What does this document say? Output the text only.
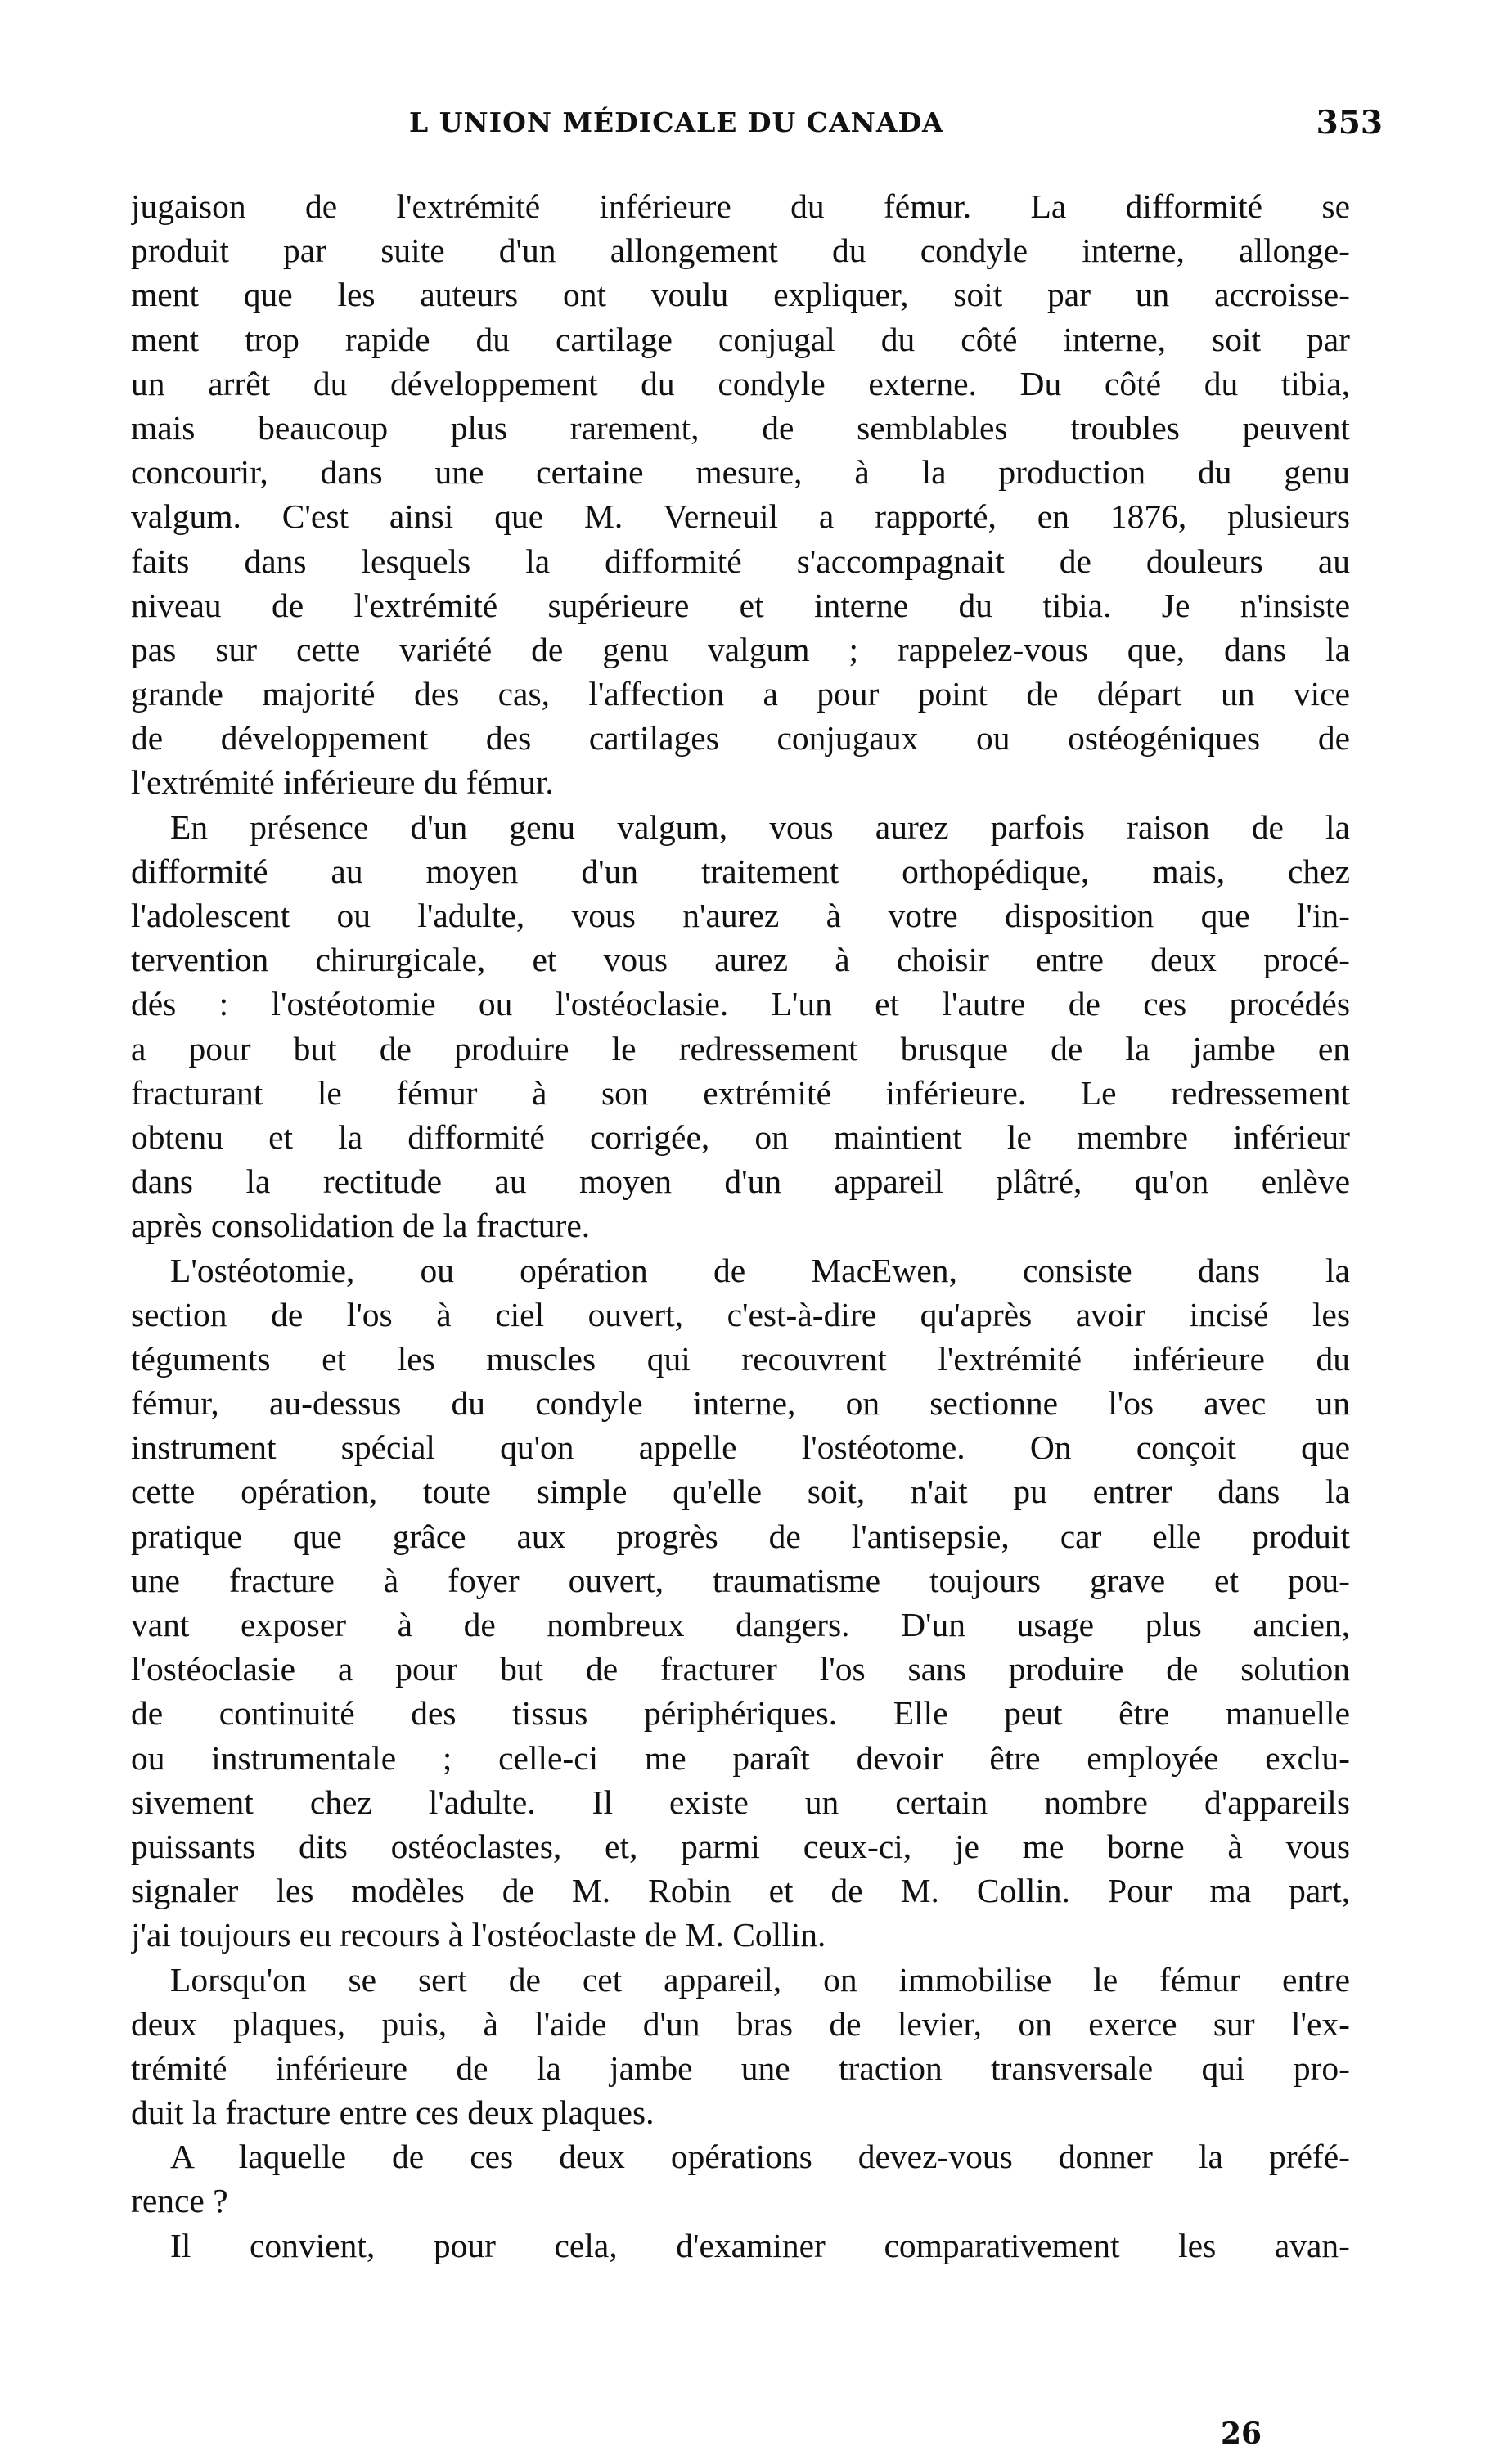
L UNION MÉDICALE DU CANADA	353
jugaison de l'extrémité inférieure du fémur. La difformité se
produit par suite d'un allongement du condyle interne, allonge-
ment que les auteurs ont voulu expliquer, soit par un accroisse-
ment trop rapide du cartilage conjugal du côté interne, soit par
un arrêt du développement du condyle externe. Du côté du tibia,
mais beaucoup plus rarement, de semblables troubles peuvent
concourir, dans une certaine mesure, à la production du genu
valgum. C'est ainsi que M. Verneuil a rapporté, en 1876, plusieurs
faits dans lesquels la difformité s'accompagnait de douleurs au
niveau de l'extrémité supérieure et interne du tibia. Je n'insiste
pas sur cette variété de genu valgum ; rappelez-vous que, dans la
grande majorité des cas, l'affection a pour point de départ un vice
de développement des cartilages conjugaux ou ostéogéniques de
l'extrémité inférieure du fémur.
En présence d'un genu valgum, vous aurez parfois raison de la
difformité au moyen d'un traitement orthopédique, mais, chez
l'adolescent ou l'adulte, vous n'aurez à votre disposition que l'in-
tervention chirurgicale, et vous aurez à choisir entre deux procé-
dés : l'ostéotomie ou l'ostéoclasie. L'un et l'autre de ces procédés
a pour but de produire le redressement brusque de la jambe en
fracturant le fémur à son extrémité inférieure. Le redressement
obtenu et la difformité corrigée, on maintient le membre inférieur
dans la rectitude au moyen d'un appareil plâtré, qu'on enlève
après consolidation de la fracture.
L'ostéotomie, ou opération de MacEwen, consiste dans la
section de l'os à ciel ouvert, c'est-à-dire qu'après avoir incisé les
téguments et les muscles qui recouvrent l'extrémité inférieure du
fémur, au-dessus du condyle interne, on sectionne l'os avec un
instrument spécial qu'on appelle l'ostéotome. On conçoit que
cette opération, toute simple qu'elle soit, n'ait pu entrer dans la
pratique que grâce aux progrès de l'antisepsie, car elle produit
une fracture à foyer ouvert, traumatisme toujours grave et pou-
vant exposer à de nombreux dangers. D'un usage plus ancien,
l'ostéoclasie a pour but de fracturer l'os sans produire de solution
de continuité des tissus périphériques. Elle peut être manuelle
ou instrumentale ; celle-ci me paraît devoir être employée exclu-
sivement chez l'adulte. Il existe un certain nombre d'appareils
puissants dits ostéoclastes, et, parmi ceux-ci, je me borne à vous
signaler les modèles de M. Robin et de M. Collin. Pour ma part,
j'ai toujours eu recours à l'ostéoclaste de M. Collin.
Lorsqu'on se sert de cet appareil, on immobilise le fémur entre
deux plaques, puis, à l'aide d'un bras de levier, on exerce sur l'ex-
trémité inférieure de la jambe une traction transversale qui pro-
duit la fracture entre ces deux plaques.
A laquelle de ces deux opérations devez-vous donner la préfé-
rence ?
Il convient, pour cela, d'examiner comparativement les avan-
26
